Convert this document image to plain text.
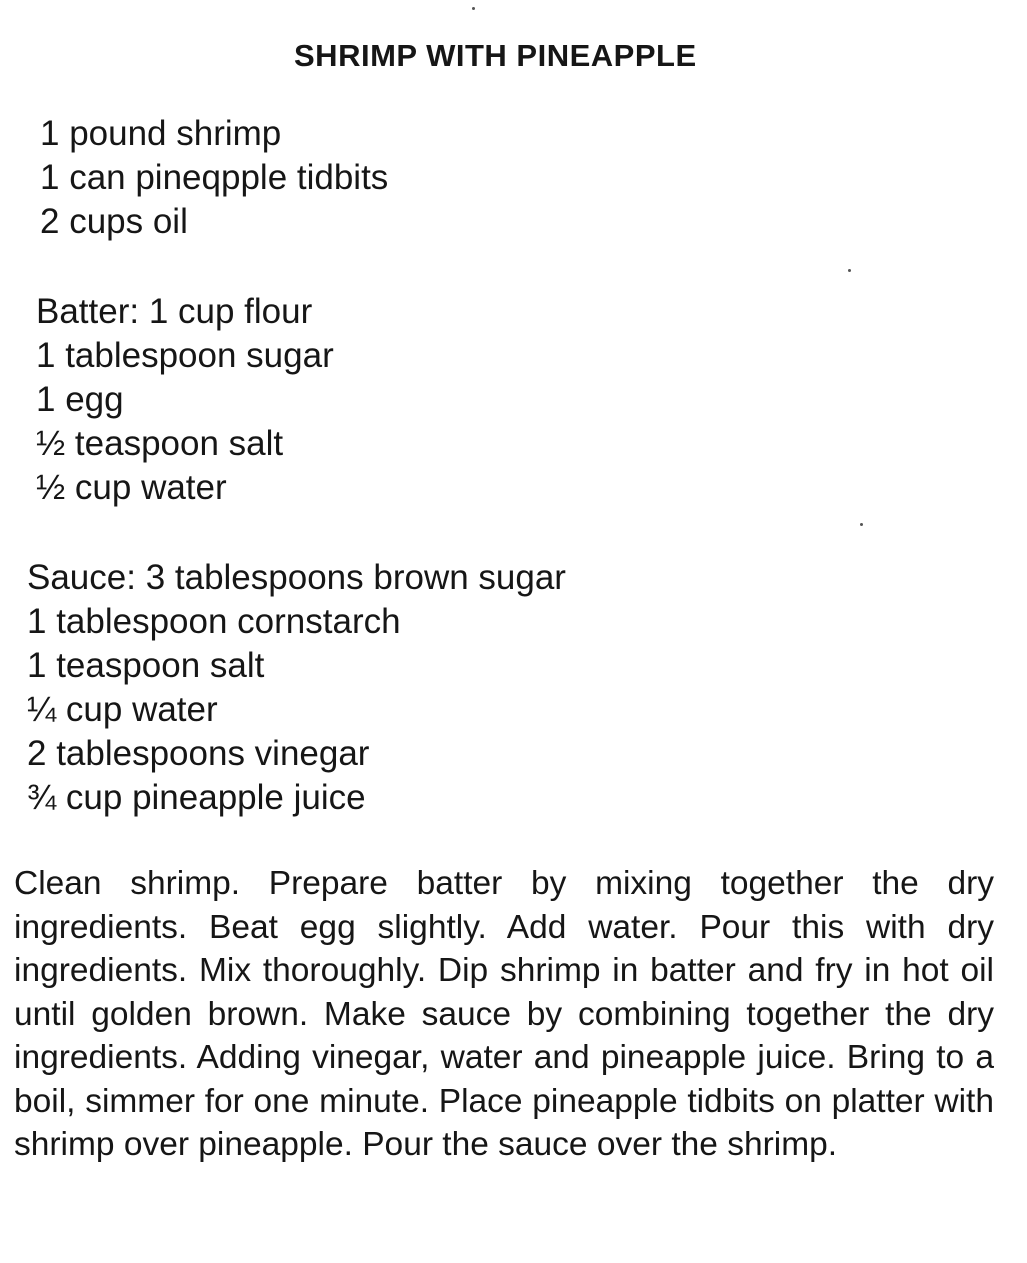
SHRIMP WITH PINEAPPLE
1 pound shrimp
1 can pineqpple tidbits
2 cups oil
Batter: 1 cup flour
1 tablespoon sugar
1 egg
½ teaspoon salt
½ cup water
Sauce: 3 tablespoons brown sugar
1 tablespoon cornstarch
1 teaspoon salt
¼ cup water
2 tablespoons vinegar
¾ cup pineapple juice

Clean shrimp. Prepare batter by mixing together the dry ingredients. Beat egg slightly. Add water. Pour this with dry ingredients. Mix thoroughly. Dip shrimp in batter and fry in hot oil until golden brown. Make sauce by combining together the dry ingredients. Adding vinegar, water and pineapple juice. Bring to a boil, simmer for one minute. Place pineapple tidbits on platter with shrimp over pineapple. Pour the sauce over the shrimp.
